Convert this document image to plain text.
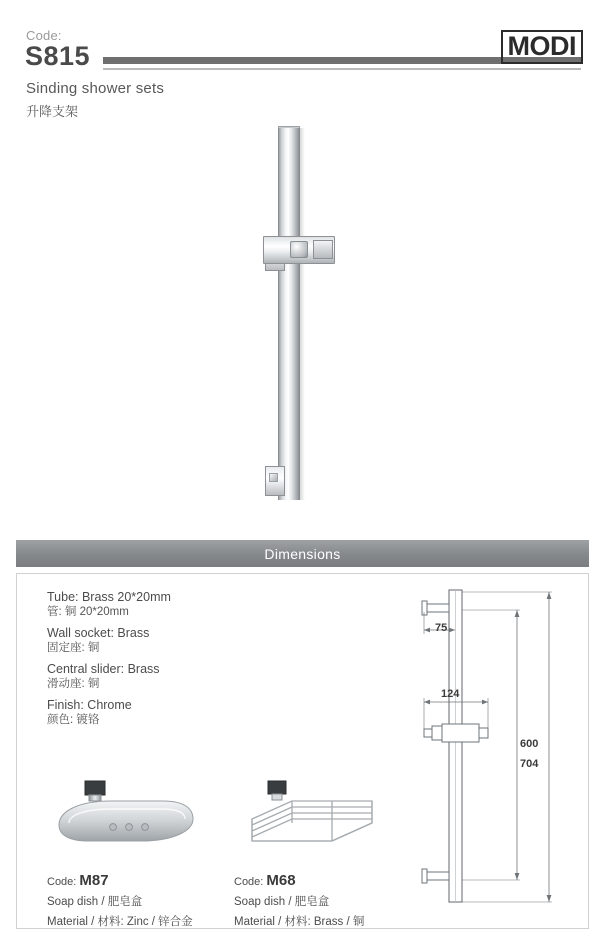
Code:
S815
Sinding shower sets
升降支架
MODI
Dimensions

Tube: Brass 20*20mm

管: 铜 20*20mm

Wall socket: Brass

固定座: 铜

Central slider: Brass

滑动座: 铜

Finish: Chrome

颜色: 镀铬

Code: M87
Soap dish / 肥皂盒
Material / 材料: Zinc / 锌合金
Code: M68
Soap dish / 肥皂盒
Material / 材料: Brass / 铜
75
124
600
704
